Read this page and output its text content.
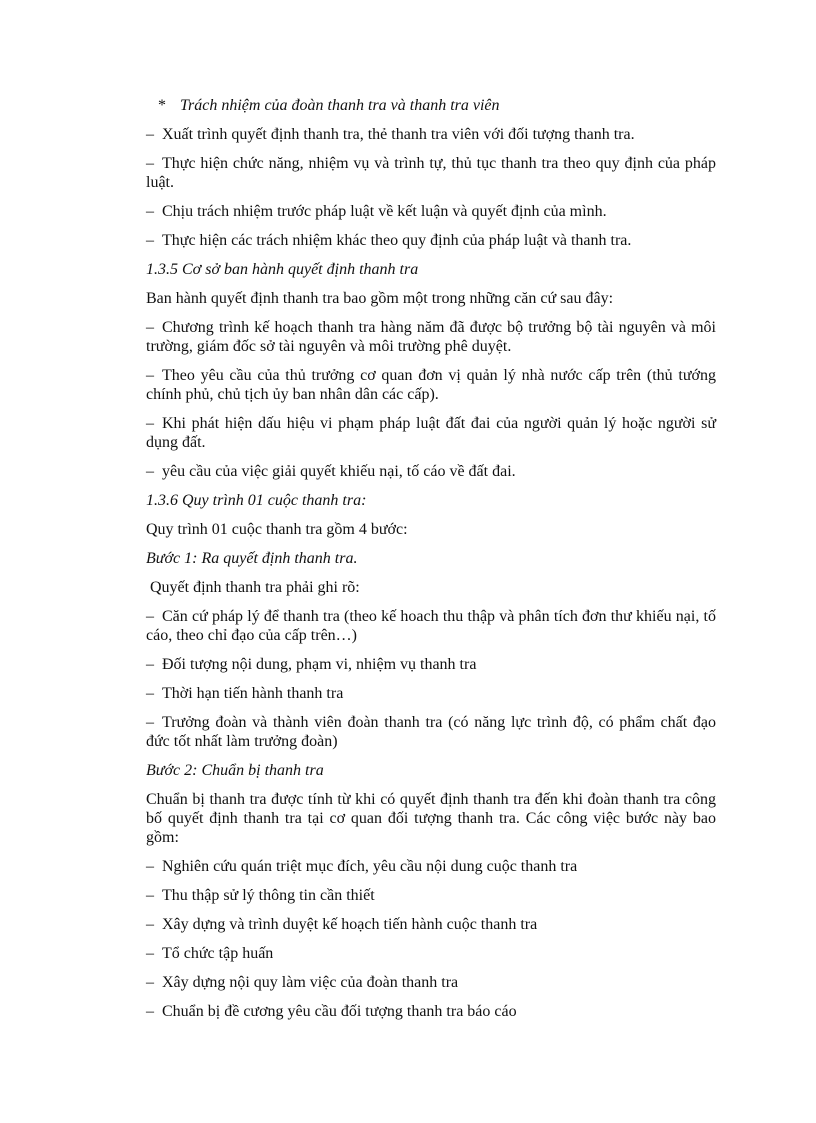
* Trách nhiệm của đoàn thanh tra và thanh tra viên

– Xuất trình quyết định thanh tra, thẻ thanh tra viên với đối tượng thanh tra.

– Thực hiện chức năng, nhiệm vụ và trình tự, thủ tục thanh tra theo quy định của pháp luật.

– Chịu trách nhiệm trước pháp luật về kết luận và quyết định của mình.

– Thực hiện các trách nhiệm khác theo quy định của pháp luật và thanh tra.

1.3.5 Cơ sở ban hành quyết định thanh tra

Ban hành quyết định thanh tra bao gồm một trong những căn cứ sau đây:

– Chương trình kế hoạch thanh tra hàng năm đã được bộ trưởng bộ tài nguyên và môi trường, giám đốc sở tài nguyên và môi trường phê duyệt.

– Theo yêu cầu của thủ trưởng cơ quan đơn vị quản lý nhà nước cấp trên (thủ tướng chính phủ, chủ tịch ủy ban nhân dân các cấp).

– Khi phát hiện dấu hiệu vi phạm pháp luật đất đai của người quản lý hoặc người sử dụng đất.

– yêu cầu của việc giải quyết khiếu nại, tố cáo về đất đai.

1.3.6 Quy trình 01 cuộc thanh tra:

Quy trình 01 cuộc thanh tra gồm 4 bước:

Bước 1: Ra quyết định thanh tra.

Quyết định thanh tra phải ghi rõ:

– Căn cứ pháp lý để thanh tra (theo kế hoach thu thập và phân tích đơn thư khiếu nại, tố cáo, theo chỉ đạo của cấp trên…)

– Đối tượng nội dung, phạm vi, nhiệm vụ thanh tra

– Thời hạn tiến hành thanh tra

– Trưởng đoàn và thành viên đoàn thanh tra (có năng lực trình độ, có phẩm chất đạo đức tốt nhất làm trưởng đoàn)

Bước 2: Chuẩn bị thanh tra

Chuẩn bị thanh tra được tính từ khi có quyết định thanh tra đến khi đoàn thanh tra công bố quyết định thanh tra tại cơ quan đối tượng thanh tra. Các công việc bước này bao gồm:

– Nghiên cứu quán triệt mục đích, yêu cầu nội dung cuộc thanh tra

– Thu thập sử lý thông tin cần thiết

– Xây dựng và trình duyệt kế hoạch tiến hành cuộc thanh tra

– Tổ chức tập huấn

– Xây dựng nội quy làm việc của đoàn thanh tra

– Chuẩn bị đề cương yêu cầu đối tượng thanh tra báo cáo
